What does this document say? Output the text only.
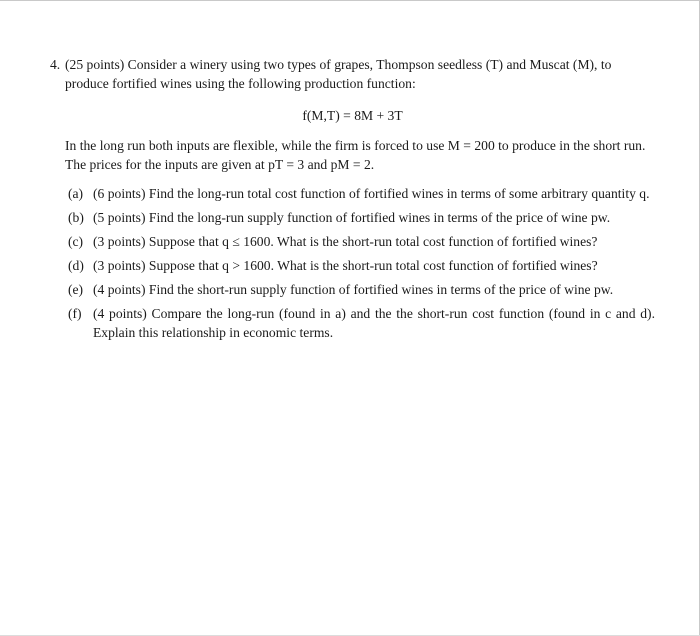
4. (25 points) Consider a winery using two types of grapes, Thompson seedless (T) and Muscat (M), to produce fortified wines using the following production function:
f(M,T) = 8M + 3T
In the long run both inputs are flexible, while the firm is forced to use M = 200 to produce in the short run. The prices for the inputs are given at pT = 3 and pM = 2.
(a) (6 points) Find the long-run total cost function of fortified wines in terms of some arbitrary quantity q.
(b) (5 points) Find the long-run supply function of fortified wines in terms of the price of wine pw.
(c) (3 points) Suppose that q ≤ 1600. What is the short-run total cost function of fortified wines?
(d) (3 points) Suppose that q > 1600. What is the short-run total cost function of fortified wines?
(e) (4 points) Find the short-run supply function of fortified wines in terms of the price of wine pw.
(f) (4 points) Compare the long-run (found in a) and the the short-run cost function (found in c and d). Explain this relationship in economic terms.
